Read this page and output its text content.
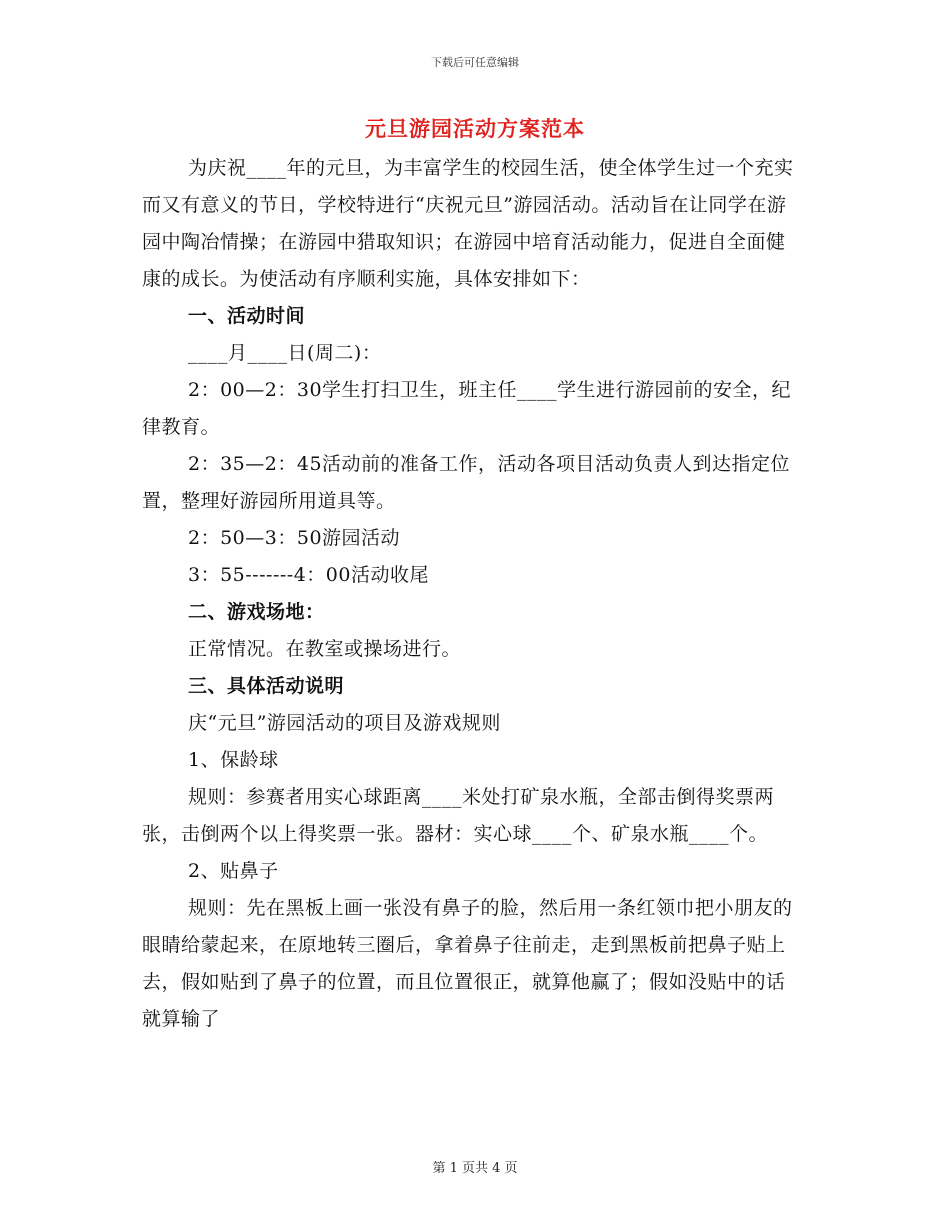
下载后可任意编辑
元旦游园活动方案范本

为庆祝____年的元旦，为丰富学生的校园生活，使全体学生过一个充实而又有意义的节日，学校特进行“庆祝元旦”游园活动。活动旨在让同学在游园中陶冶情操；在游园中猎取知识；在游园中培育活动能力，促进自全面健康的成长。为使活动有序顺利实施，具体安排如下：

一、活动时间

____月____日(周二)：

2：00—2：30学生打扫卫生，班主任____学生进行游园前的安全，纪律教育。

2：35—2：45活动前的准备工作，活动各项目活动负责人到达指定位置，整理好游园所用道具等。

2：50—3：50游园活动

3：55-------4：00活动收尾

二、游戏场地：

正常情况。在教室或操场进行。

三、具体活动说明

庆“元旦”游园活动的项目及游戏规则

1、保龄球

规则：参赛者用实心球距离____米处打矿泉水瓶，全部击倒得奖票两张，击倒两个以上得奖票一张。器材：实心球____个、矿泉水瓶____个。

2、贴鼻子

规则：先在黑板上画一张没有鼻子的脸，然后用一条红领巾把小朋友的眼睛给蒙起来，在原地转三圈后，拿着鼻子往前走，走到黑板前把鼻子贴上去，假如贴到了鼻子的位置，而且位置很正，就算他赢了；假如没贴中的话就算输了

第 1 页共 4 页
